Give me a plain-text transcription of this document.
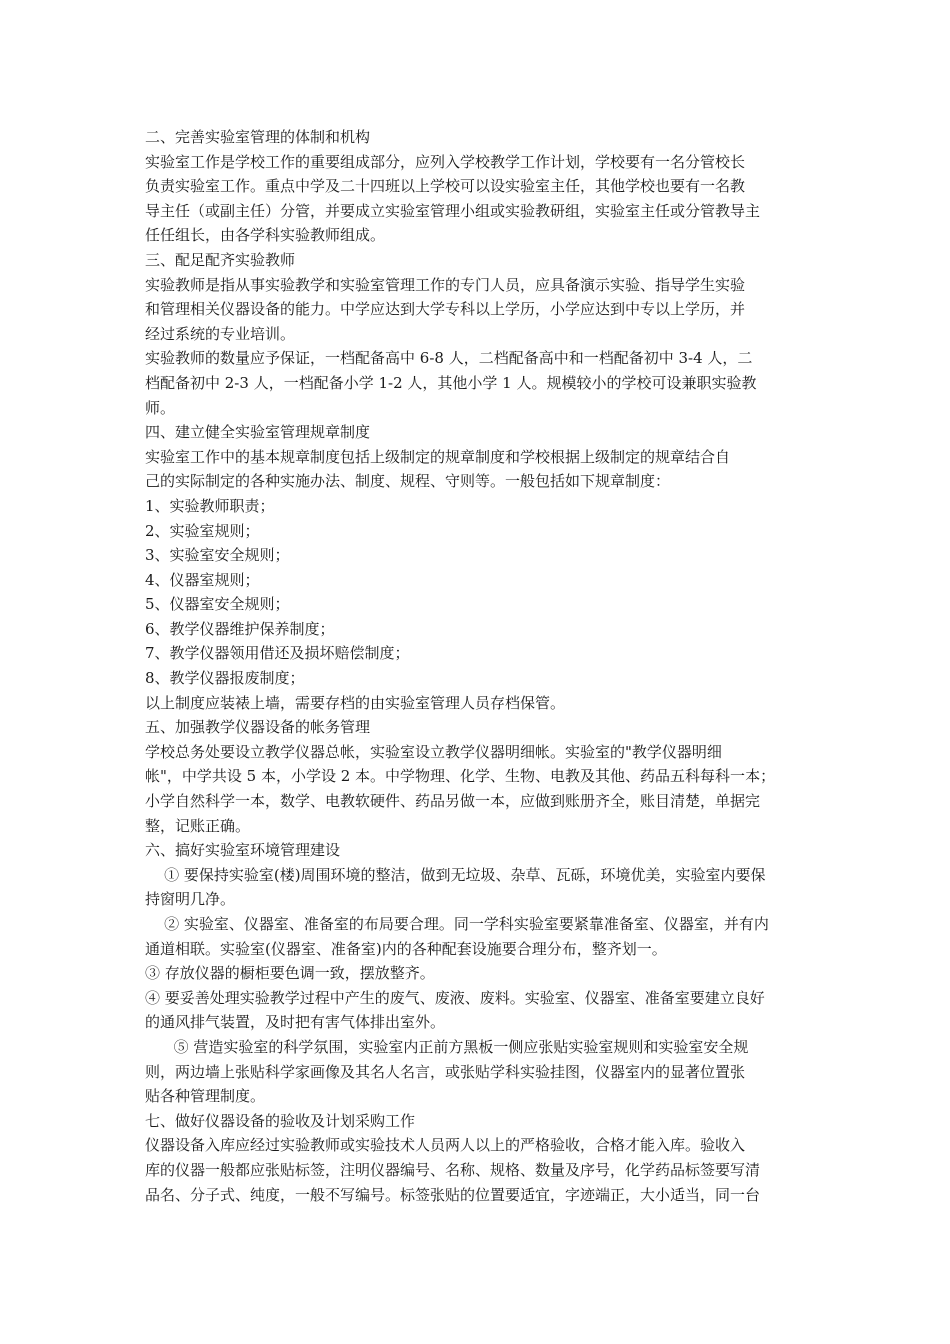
二、完善实验室管理的体制和机构
实验室工作是学校工作的重要组成部分，应列入学校教学工作计划，学校要有一名分管校长
负责实验室工作。重点中学及二十四班以上学校可以设实验室主任，其他学校也要有一名教
导主任（或副主任）分管，并要成立实验室管理小组或实验教研组，实验室主任或分管教导主
任任组长，由各学科实验教师组成。
三、配足配齐实验教师
实验教师是指从事实验教学和实验室管理工作的专门人员，应具备演示实验、指导学生实验
和管理相关仪器设备的能力。中学应达到大学专科以上学历，小学应达到中专以上学历，并
经过系统的专业培训。
实验教师的数量应予保证，一档配备高中 6-8 人，二档配备高中和一档配备初中 3-4 人，二
档配备初中 2-3 人，一档配备小学 1-2 人，其他小学 1 人。规模较小的学校可设兼职实验教
师。
四、建立健全实验室管理规章制度
实验室工作中的基本规章制度包括上级制定的规章制度和学校根据上级制定的规章结合自
己的实际制定的各种实施办法、制度、规程、守则等。一般包括如下规章制度：
1、实验教师职责；
2、实验室规则；
3、实验室安全规则；
4、仪器室规则；
5、仪器室安全规则；
6、教学仪器维护保养制度；
7、教学仪器领用借还及损坏赔偿制度；
8、教学仪器报废制度；
以上制度应装裱上墙，需要存档的由实验室管理人员存档保管。
五、加强教学仪器设备的帐务管理
学校总务处要设立教学仪器总帐，实验室设立教学仪器明细帐。实验室的"教学仪器明细
帐"，中学共设 5 本，小学设 2 本。中学物理、化学、生物、电教及其他、药品五科每科一本；
小学自然科学一本，数学、电教软硬件、药品另做一本，应做到账册齐全，账目清楚，单据完
整，记账正确。
六、搞好实验室环境管理建设
① 要保持实验室(楼)周围环境的整洁，做到无垃圾、杂草、瓦砾，环境优美，实验室内要保
持窗明几净。
② 实验室、仪器室、准备室的布局要合理。同一学科实验室要紧靠准备室、仪器室，并有内
通道相联。实验室(仪器室、准备室)内的各种配套设施要合理分布，整齐划一。
③ 存放仪器的橱柜要色调一致，摆放整齐。
④ 要妥善处理实验教学过程中产生的废气、废液、废料。实验室、仪器室、准备室要建立良好
的通风排气装置，及时把有害气体排出室外。
⑤ 营造实验室的科学氛围，实验室内正前方黑板一侧应张贴实验室规则和实验室安全规
则，两边墙上张贴科学家画像及其名人名言，或张贴学科实验挂图，仪器室内的显著位置张
贴各种管理制度。
七、做好仪器设备的验收及计划采购工作
仪器设备入库应经过实验教师或实验技术人员两人以上的严格验收，合格才能入库。验收入
库的仪器一般都应张贴标签，注明仪器编号、名称、规格、数量及序号，化学药品标签要写清
品名、分子式、纯度，一般不写编号。标签张贴的位置要适宜，字迹端正，大小适当，同一台
